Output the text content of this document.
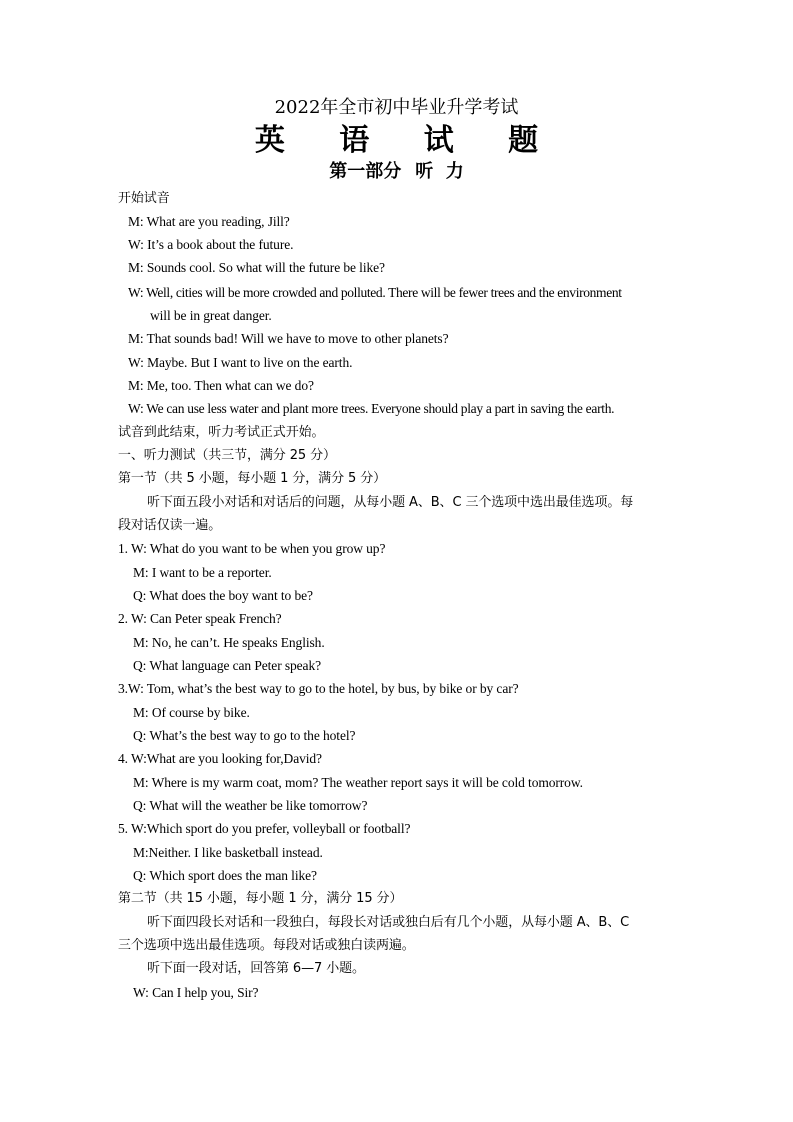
2022年全市初中毕业升学考试
英 语 试 题
第一部分 听  力
开始试音
M: What are you reading, Jill?
W: It’s a book about the future.
M: Sounds cool. So what will the future be like?
W: Well, cities will be more crowded and polluted. There will be fewer trees and the environment
will be in great danger.
M: That sounds bad! Will we have to move to other planets?
W: Maybe. But I want to live on the earth.
M: Me, too. Then what can we do?
W: We can use less water and plant more trees. Everyone should play a part in saving the earth.
试音到此结束，听力考试正式开始。
一、听力测试（共三节，满分 25 分）
第一节（共 5 小题，每小题 1 分，满分 5 分）
听下面五段小对话和对话后的问题，从每小题 A、B、C 三个选项中选出最佳选项。每
段对话仅读一遍。
1. W: What do you want to be when you grow up?
M: I want to be a reporter.
Q: What does the boy want to be?
2. W: Can Peter speak French?
M: No, he can’t. He speaks English.
Q: What language can Peter speak?
3.W: Tom, what’s the best way to go to the hotel, by bus, by bike or by car?
M: Of course by bike.
Q: What’s the best way to go to the hotel?
4. W:What are you looking for,David?
M: Where is my warm coat, mom? The weather report says it will be cold tomorrow.
Q: What will the weather be like tomorrow?
5. W:Which sport do you prefer, volleyball or football?
M:Neither. I like basketball instead.
Q: Which sport does the man like?
第二节（共 15 小题，每小题 1 分，满分 15 分）
听下面四段长对话和一段独白，每段长对话或独白后有几个小题，从每小题 A、B、C
三个选项中选出最佳选项。每段对话或独白读两遍。
听下面一段对话，回答第 6—7 小题。
W: Can I help you, Sir?
